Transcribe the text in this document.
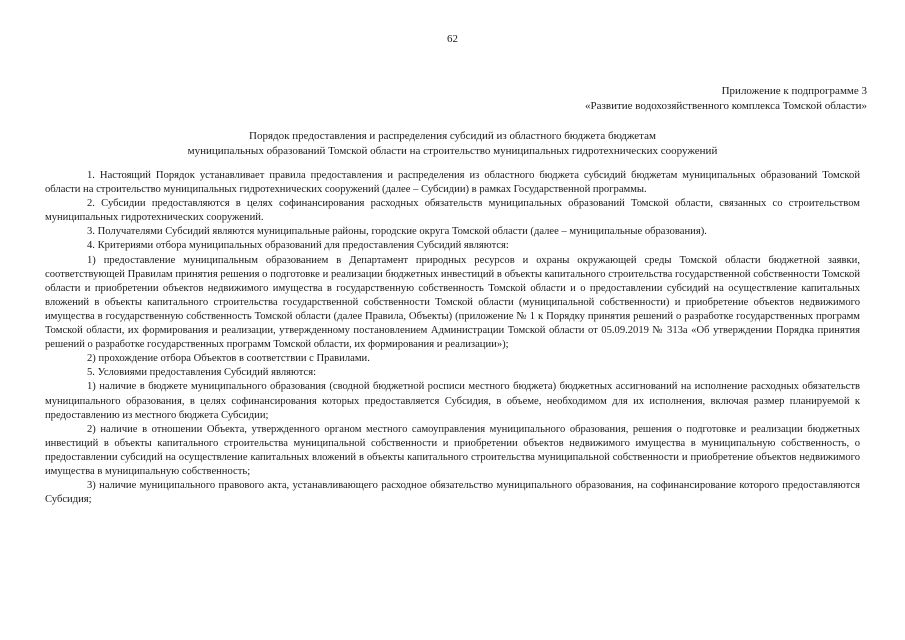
62
Приложение к подпрограмме 3
«Развитие водохозяйственного комплекса Томской области»
Порядок предоставления и распределения субсидий из областного бюджета бюджетам
муниципальных образований Томской области на строительство муниципальных гидротехнических сооружений

1. Настоящий Порядок устанавливает правила предоставления и распределения из областного бюджета субсидий бюджетам муниципальных образований Томской области на строительство муниципальных гидротехнических сооружений (далее – Субсидии) в рамках Государственной программы.

2. Субсидии предоставляются в целях софинансирования расходных обязательств муниципальных образований Томской области, связанных со строительством муниципальных гидротехнических сооружений.

3. Получателями Субсидий являются муниципальные районы, городские округа Томской области (далее – муниципальные образования).

4. Критериями отбора муниципальных образований для предоставления Субсидий являются:

1) предоставление муниципальным образованием в Департамент природных ресурсов и охраны окружающей среды Томской области бюджетной заявки, соответствующей Правилам принятия решения о подготовке и реализации бюджетных инвестиций в объекты капитального строительства государственной собственности Томской области и приобретении объектов недвижимого имущества в государственную собственность Томской области и о предоставлении субсидий на осуществление капитальных вложений в объекты капитального строительства государственной собственности Томской области (муниципальной собственности) и приобретение объектов недвижимого имущества в государственную собственность Томской области (далее Правила, Объекты) (приложение № 1 к Порядку принятия решений о разработке государственных программ Томской области, их формирования и реализации, утвержденному постановлением Администрации Томской области от 05.09.2019 № 313а «Об утверждении Порядка принятия решений о разработке государственных программ Томской области, их формирования и реализации»);

2) прохождение отбора Объектов в соответствии с Правилами.

5. Условиями предоставления Субсидий являются:

1) наличие в бюджете муниципального образования (сводной бюджетной росписи местного бюджета) бюджетных ассигнований на исполнение расходных обязательств муниципального образования, в целях софинансирования которых предоставляется Субсидия, в объеме, необходимом для их исполнения, включая размер планируемой к предоставлению из местного бюджета Субсидии;

2) наличие в отношении Объекта, утвержденного органом местного самоуправления муниципального образования, решения о подготовке и реализации бюджетных инвестиций в объекты капитального строительства муниципальной собственности и приобретении объектов недвижимого имущества в муниципальную собственность, о предоставлении субсидий на осуществление капитальных вложений в объекты капитального строительства муниципальной собственности и приобретение объектов недвижимого имущества в муниципальную собственность;

3) наличие муниципального правового акта, устанавливающего расходное обязательство муниципального образования, на софинансирование которого предоставляются Субсидия;
